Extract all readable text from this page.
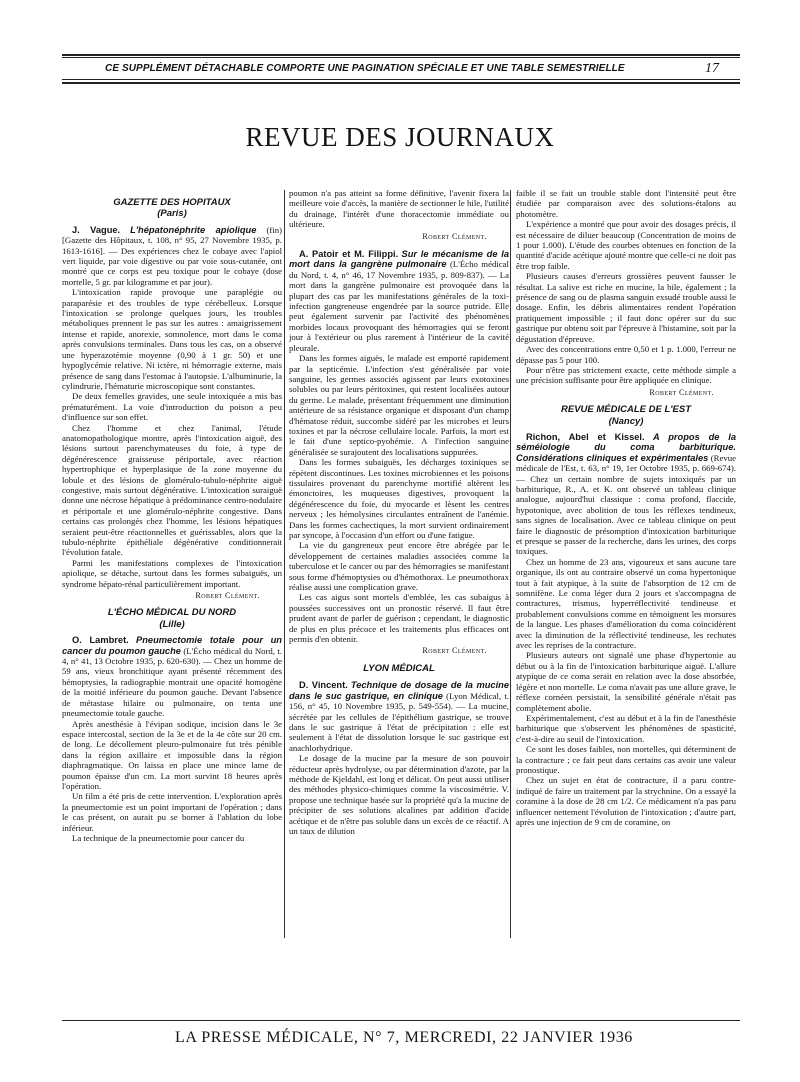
CE SUPPLÉMENT DÉTACHABLE COMPORTE UNE PAGINATION SPÉCIALE ET UNE TABLE SEMESTRIELLE	17
REVUE DES JOURNAUX

GAZETTE DES HOPITAUX

(Paris)

J. Vague. L'hépatonéphrite apiolique (fin) [Gazette des Hôpitaux, t. 108, n° 95, 27 Novembre 1935, p. 1613-1616]. — Des expériences chez le cobaye avec l'apiol vert liquide, par voie digestive ou par voie sous-cutanée, ont montré que ce corps est peu toxique pour le cobaye (dose mortelle, 5 gr. par kilogramme et par jour).

L'intoxication rapide provoque une paraplégie ou paraparésie et des troubles de type cérébelleux. Lorsque l'intoxication se prolonge quelques jours, les troubles métaboliques prennent le pas sur les autres : amaigrissement intense et rapide, anorexie, somnolence, mort dans le coma après convulsions terminales. Dans tous les cas, on a observé une hyperazotémie moyenne (0,90 à 1 gr. 50) et une hypoglycémie relative. Ni ictère, ni hémorragie externe, mais présence de sang dans l'estomac à l'autopsie. L'albuminurie, la cylindrurie, l'hématurie microscopique sont constantes.

De deux femelles gravides, une seule intoxiquée a mis bas prématurément. La voie d'introduction du poison a peu d'influence sur son effet.

Chez l'homme et chez l'animal, l'étude anatomopathologique montre, après l'intoxication aiguë, des lésions surtout parenchymateuses du foie, à type de dégénérescence graisseuse périportale, avec réaction hypertrophique et hyperplasique de la zone moyenne du lobule et des lésions de glomérulo-tubulo-néphrite aiguë congestive, mais surtout dégénérative. L'intoxication suraiguë donne une nécrose hépatique à prédominance centro-nodulaire et périportale et une glomérulo-néphrite congestive. Dans certains cas prolongés chez l'homme, les lésions hépatiques seraient peut-être réactionnelles et guérissables, alors que la tubulo-néphrite épithéliale dégénérative conditionnerait l'évolution fatale.

Parmi les manifestations complexes de l'intoxication apiolique, se détache, surtout dans les formes subaiguës, un syndrome hépato-rénal particulièrement important.

Robert Clément.

L'ÉCHO MÉDICAL DU NORD

(Lille)

O. Lambret. Pneumectomie totale pour un cancer du poumon gauche (L'Écho médical du Nord, t. 4, n° 41, 13 Octobre 1935, p. 620-630). — Chez un homme de 59 ans, vieux bronchitique ayant présenté récemment des hémoptysies, la radiographie montrait une opacité homogène de la moitié inférieure du poumon gauche. Devant l'absence de métastase hilaire ou pulmonaire, on tenta une pneumectomie totale gauche.

Après anesthésie à l'évipan sodique, incision dans le 3e espace intercostal, section de la 3e et de la 4e côte sur 20 cm. de long. Le décollement pleuro-pulmonaire fut très pénible dans la région axillaire et impossible dans la région diaphragmatique. On laissa en place une mince lame de poumon épaisse d'un cm. La mort survint 18 heures après l'opération.

Un film a été pris de cette intervention. L'exploration après la pneumectomie est un point important de l'opération ; dans le cas présent, on aurait pu se borner à l'ablation du lobe inférieur.

La technique de la pneumectomie pour cancer du

poumon n'a pas atteint sa forme définitive, l'avenir fixera la meilleure voie d'accès, la manière de sectionner le hile, l'utilité du drainage, l'intérêt d'une thoracectomie immédiate ou ultérieure.

Robert Clément.

A. Patoir et M. Filippi. Sur le mécanisme de la mort dans la gangrène pulmonaire (L'Écho médical du Nord, t. 4, n° 46, 17 Novembre 1935, p. 809-837). — La mort dans la gangrène pulmonaire est provoquée dans la plupart des cas par les manifestations générales de la toxi-infection gangreneuse engendrée par la source putride. Elle peut également survenir par l'activité des phénomènes morbides locaux provoquant des hémorragies qui se feront jour à l'extérieur ou plus rarement à l'intérieur de la cavité pleurale.

Dans les formes aiguës, le malade est emporté rapidement par la septicémie. L'infection s'est généralisée par voie sanguine, les germes associés agissent par leurs exotoxines solubles ou par leurs péritoxines, qui restent localisées autour du germe. Le malade, présentant fréquemment une diminution antérieure de sa résistance organique et disposant d'un champ d'hématose réduit, succombe sidéré par les microbes et leurs toxines et par la nécrose cellulaire locale. Parfois, la mort est le fait d'une septico-pyohémie. A l'infection sanguine généralisée se surajoutent des localisations suppurées.

Dans les formes subaiguës, les décharges toxiniques se répètent discontinues. Les toxines microbiennes et les poisons tissulaires provenant du parenchyme mortifié altèrent les émonctoires, les muqueuses digestives, provoquent la dégénérescence du foie, du myocarde et lèsent les centres nerveux ; les hémolysines circulantes entraînent de l'anémie. Dans les formes cachectiques, la mort survient ordinairement par syncope, à l'occasion d'un effort ou d'une fatigue.

La vie du gangreneux peut encore être abrégée par le développement de certaines maladies associées comme la tuberculose et le cancer ou par des hémorragies se manifestant sous forme d'hémoptysies ou d'hémothorax. Le pneumothorax réalise aussi une complication grave.

Les cas aigus sont mortels d'emblée, les cas subaigus à poussées successives ont un pronostic réservé. Il faut être prudent avant de parler de guérison ; cependant, le diagnostic de plus en plus précoce et les traitements plus efficaces ont permis d'en obtenir.

Robert Clément.

LYON MÉDICAL

D. Vincent. Technique de dosage de la mucine dans le suc gastrique, en clinique (Lyon Médical, t. 156, n° 45, 10 Novembre 1935, p. 549-554). — La mucine, sécrétée par les cellules de l'épithélium gastrique, se trouve dans le suc gastrique à l'état de précipitation : elle est seulement à l'état de dissolution lorsque le suc gastrique est anachlorhydrique.

Le dosage de la mucine par la mesure de son pouvoir réducteur après hydrolyse, ou par détermination d'azote, par la méthode de Kjeldahl, est long et délicat. On peut aussi utiliser des méthodes physico-chimiques comme la viscosimétrie. V. propose une technique basée sur la propriété qu'a la mucine de précipiter de ses solutions alcalines par addition d'acide acétique et de n'être pas soluble dans un excès de ce réactif. A un taux de dilution

faible il se fait un trouble stable dont l'intensité peut être étudiée par comparaison avec des solutions-étalons au photomètre.

L'expérience a montré que pour avoir des dosages précis, il est nécessaire de diluer beaucoup (Concentration de moins de 1 pour 1.000). L'étude des courbes obtenues en fonction de la quantité d'acide acétique ajouté montre que celle-ci ne doit pas être trop faible.

Plusieurs causes d'erreurs grossières peuvent fausser le résultat. La salive est riche en mucine, la bile, également ; la présence de sang ou de plasma sanguin exsudé trouble aussi le dosage. Enfin, les débris alimentaires rendent l'opération pratiquement impossible ; il faut donc opérer sur du suc gastrique pur obtenu soit par l'épreuve à l'histamine, soit par la dégustation d'épreuve.

Avec des concentrations entre 0,50 et 1 p. 1.000, l'erreur ne dépasse pas 5 pour 100.

Pour n'être pas strictement exacte, cette méthode simple a une précision suffisante pour être appliquée en clinique.

Robert Clément.

REVUE MÉDICALE DE L'EST

(Nancy)

Richon, Abel et Kissel. A propos de la séméiologie du coma barbiturique. Considérations cliniques et expérimentales (Revue médicale de l'Est, t. 63, n° 19, 1er Octobre 1935, p. 669-674). — Chez un certain nombre de sujets intoxiqués par un barbiturique, R., A. et K. ont observé un tableau clinique analogue, aujourd'hui classique : coma profond, flaccide, hypotonique, avec abolition de tous les réflexes tendineux, sans signes de localisation. Avec ce tableau clinique on peut faire le diagnostic de présomption d'intoxication barbiturique et presque se passer de la recherche, dans les urines, des corps toxiques.

Chez un homme de 23 ans, vigoureux et sans aucune tare organique, ils ont au contraire observé un coma hypertonique tout à fait atypique, à la suite de l'absorption de 12 cm de somnifène. Le coma léger dura 2 jours et s'accompagna de contractures, trismus, hyperréflectivité tendineuse et probablement convulsions comme en témoignent les morsures de la langue. Les phases d'amélioration du coma coïncidèrent avec la diminution de la réflectivité tendineuse, les rechutes avec les reprises de la contracture.

Plusieurs auteurs ont signalé une phase d'hypertonie au début ou à la fin de l'intoxication barbiturique aiguë. L'allure atypique de ce coma serait en relation avec la dose absorbée, légère et non mortelle. Le coma n'avait pas une allure grave, le réflexe cornéen persistait, la sensibilité générale n'était pas complètement abolie.

Expérimentalement, c'est au début et à la fin de l'anesthésie barbiturique que s'observent les phénomènes de spasticité, c'est-à-dire au seuil de l'intoxication.

Ce sont les doses faibles, non mortelles, qui déterminent de la contracture ; ce fait peut dans certains cas avoir une valeur pronostique.

Chez un sujet en état de contracture, il a paru contre-indiqué de faire un traitement par la strychnine. On a essayé la coramine à la dose de 28 cm 1/2. Ce médicament n'a pas paru influencer nettement l'évolution de l'intoxication ; d'autre part, après une injection de 9 cm de coramine, on

LA PRESSE MÉDICALE, N° 7, MERCREDI, 22 JANVIER 1936
